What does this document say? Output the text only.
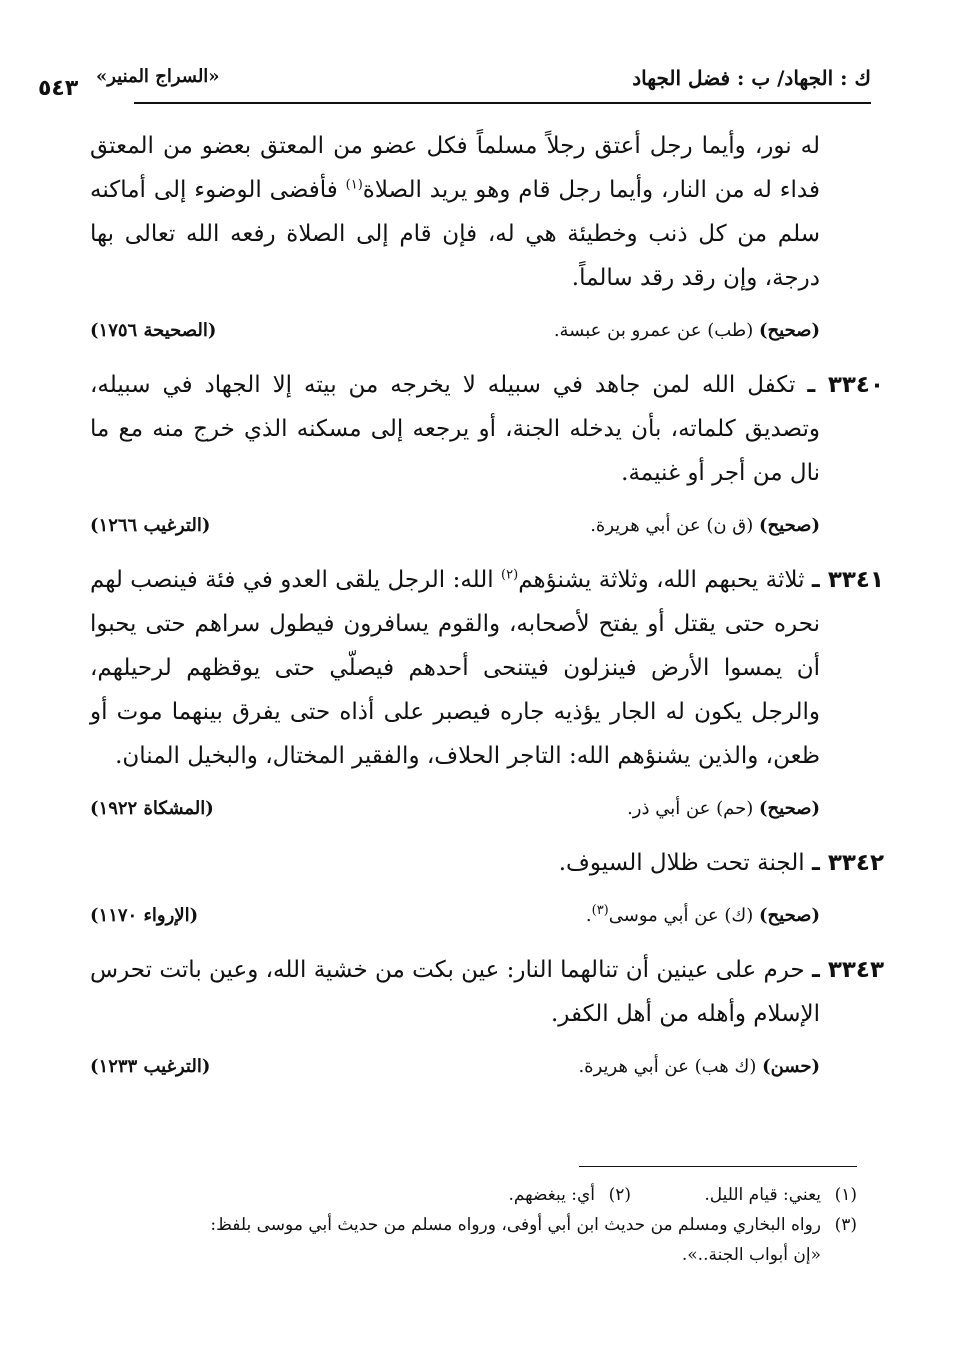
ك : الجهاد/ ب : فضل الجهاد
«السراج المنير»
٥٤٣

له نور، وأيما رجل أعتق رجلاً مسلماً فكل عضو من المعتق بعضو من المعتق فداء له من النار، وأيما رجل قام وهو يريد الصلاة$^{(١)}$ فأفضى الوضوء إلى أماكنه سلم من كل ذنب وخطيئة هي له، فإن قام إلى الصلاة رفعه الله تعالى بها درجة، وإن رقد رقد سالماً.

(صحيح) (طب) عن عمرو بن عبسة.
(الصحيحة ١٧٥٦)

٣٣٤٠ ـ تكفل الله لمن جاهد في سبيله لا يخرجه من بيته إلا الجهاد في سبيله، وتصديق كلماته، بأن يدخله الجنة، أو يرجعه إلى مسكنه الذي خرج منه مع ما نال من أجر أو غنيمة.

(صحيح) (ق ن) عن أبي هريرة.
(الترغيب ١٢٦٦)

٣٣٤١ ـ ثلاثة يحبهم الله، وثلاثة يشنؤهم$^{(٢)}$ الله: الرجل يلقى العدو في فئة فينصب لهم نحره حتى يقتل أو يفتح لأصحابه، والقوم يسافرون فيطول سراهم حتى يحبوا أن يمسوا الأرض فينزلون فيتنحى أحدهم فيصلّي حتى يوقظهم لرحيلهم، والرجل يكون له الجار يؤذيه جاره فيصبر على أذاه حتى يفرق بينهما موت أو ظعن، والذين يشنؤهم الله: التاجر الحلاف، والفقير المختال، والبخيل المنان.

(صحيح) (حم) عن أبي ذر.
(المشكاة ١٩٢٢)

٣٣٤٢ ـ الجنة تحت ظلال السيوف.

(صحيح) (ك) عن أبي موسى$^{(٣)}$.
(الإرواء ١١٧٠)

٣٣٤٣ ـ حرم على عينين أن تنالهما النار: عين بكت من خشية الله، وعين باتت تحرس الإسلام وأهله من أهل الكفر.

(حسن) (ك هب) عن أبي هريرة.
(الترغيب ١٢٣٣)
(١)
يعني: قيام الليل.
(٢)
أي: يبغضهم.
(٣)
رواه البخاري ومسلم من حديث ابن أبي أوفى، ورواه مسلم من حديث أبي موسى بلفظ:
«إن أبواب الجنة..».
